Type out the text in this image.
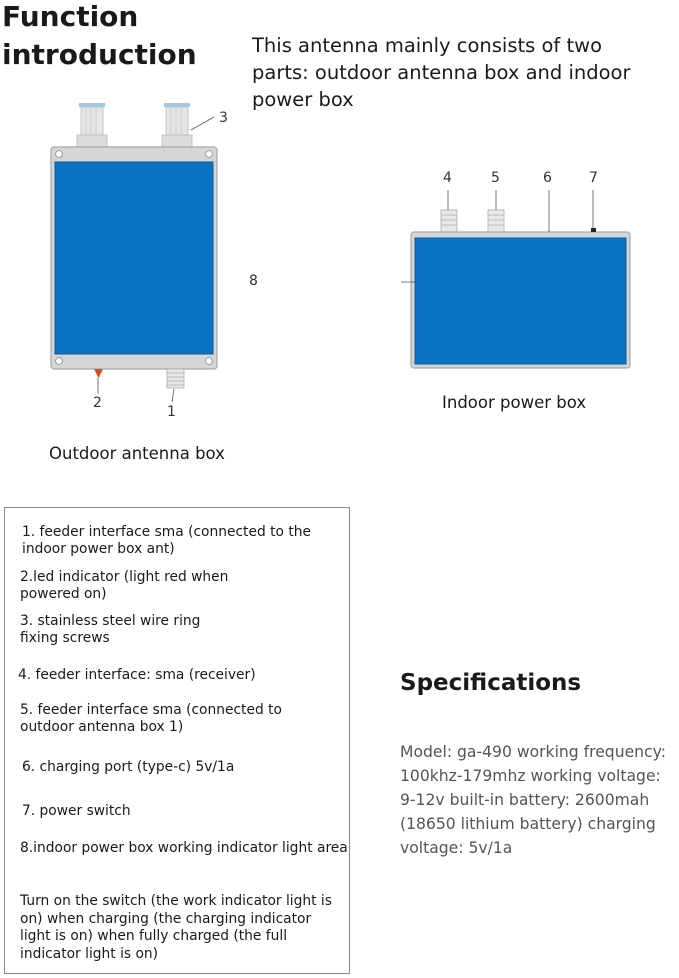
Function introduction	This antenna mainly consists of two parts: outdoor antenna box and indoor power box
3
2
1
8
4	5	6	7
Outdoor antenna box
Indoor power box
1. feeder interface sma (connected to the indoor power box ant)
2.led indicator (light red when powered on)
3. stainless steel wire ring fixing screws
4. feeder interface: sma (receiver)
5. feeder interface sma (connected to outdoor antenna box 1)
6. charging port (type-c) 5v/1a
7. power switch
8.indoor power box working indicator light area
Turn on the switch (the work indicator light is on) when charging (the charging indicator light is on) when fully charged (the full indicator light is on)
Specifications
Model: ga-490 working frequency: 100khz-179mhz working voltage: 9-12v built-in battery: 2600mah (18650 lithium battery) charging voltage: 5v/1a
